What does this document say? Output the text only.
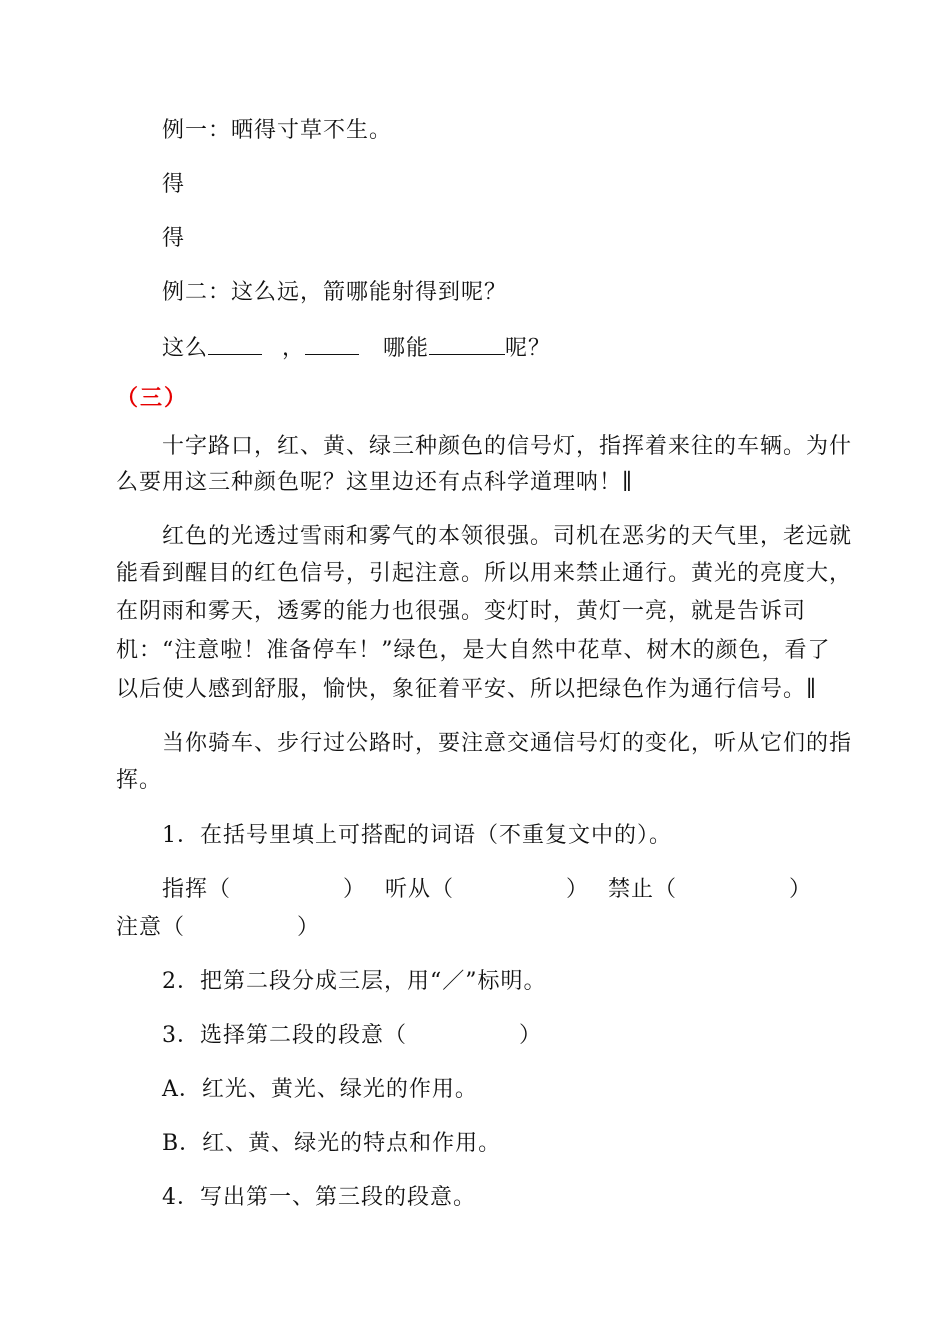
例一：晒得寸草不生。
得
得
例二：这么远，箭哪能射得到呢？
这么	，	哪能	呢？
（三）
十字路口，红、黄、绿三种颜色的信号灯，指挥着来往的车辆。为什
么要用这三种颜色呢？这里边还有点科学道理呐！∥
红色的光透过雪雨和雾气的本领很强。司机在恶劣的天气里，老远就
能看到醒目的红色信号，引起注意。所以用来禁止通行。黄光的亮度大，
在阴雨和雾天，透雾的能力也很强。变灯时，黄灯一亮，就是告诉司
机：“注意啦！准备停车！”绿色，是大自然中花草、树木的颜色，看了
以后使人感到舒服，愉快，象征着平安、所以把绿色作为通行信号。∥
当你骑车、步行过公路时，要注意交通信号灯的变化，听从它们的指
挥。
1．在括号里填上可搭配的词语（不重复文中的）。
指挥（	） 听从（	） 禁止（	）
注意（	）
2．把第二段分成三层，用“／”标明。
3．选择第二段的段意（	）
A．红光、黄光、绿光的作用。
B．红、黄、绿光的特点和作用。
4．写出第一、第三段的段意。
